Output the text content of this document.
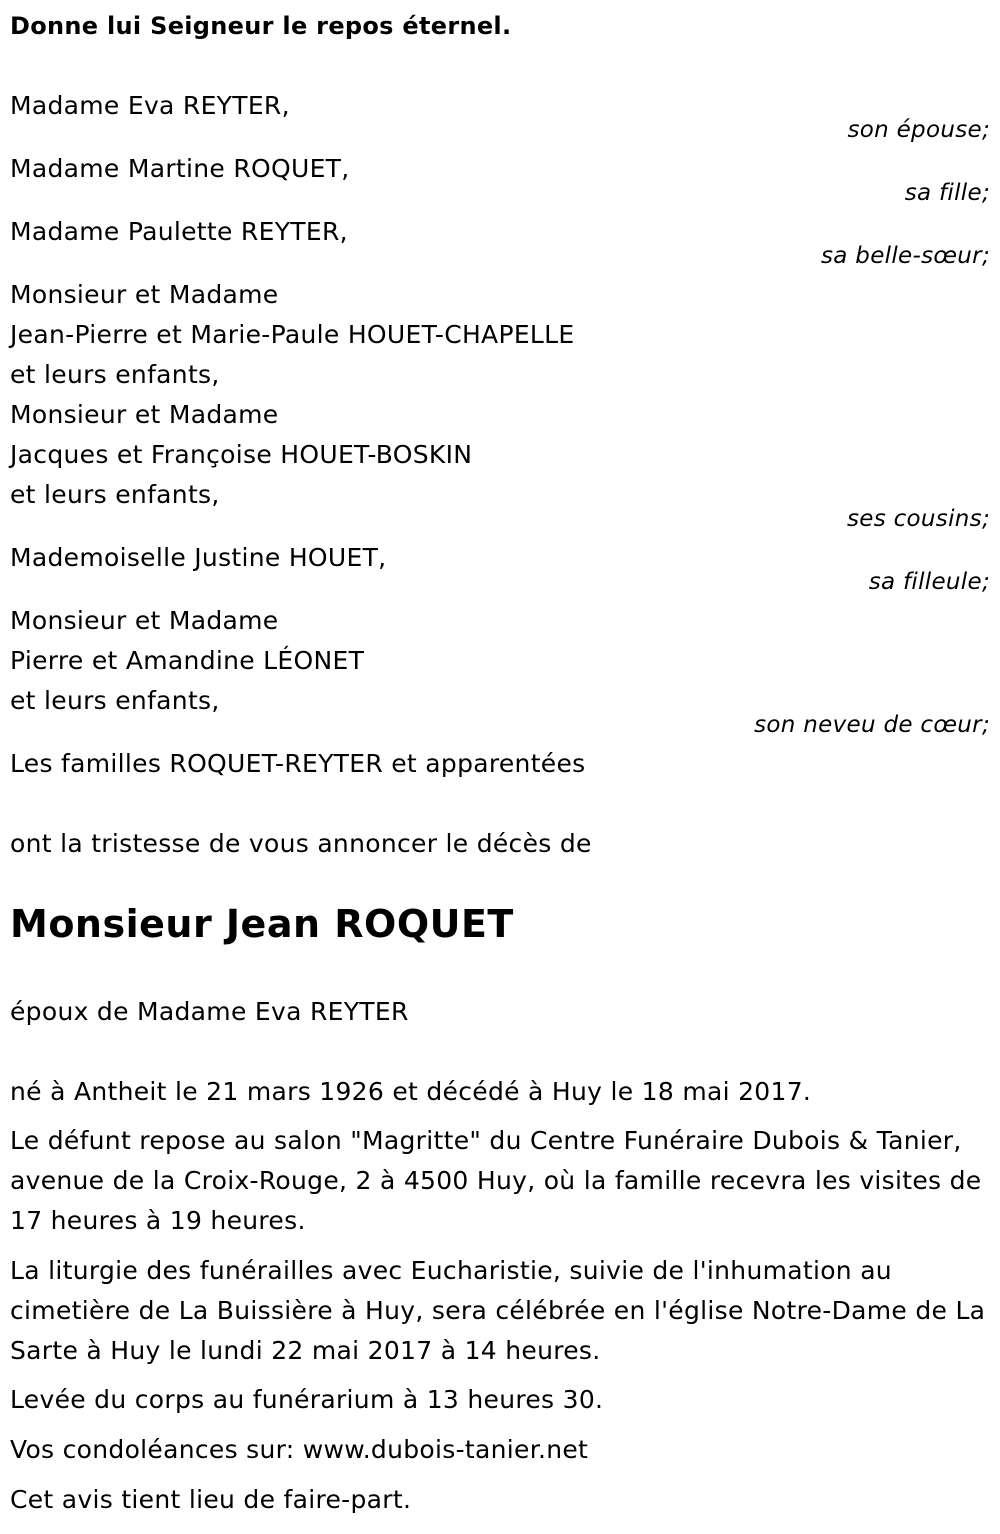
Donne lui Seigneur le repos éternel.
Madame Eva REYTER,
son épouse;
Madame Martine ROQUET,
sa fille;
Madame Paulette REYTER,
sa belle-sœur;
Monsieur et Madame
Jean-Pierre et Marie-Paule HOUET-CHAPELLE
et leurs enfants,
Monsieur et Madame
Jacques et Françoise HOUET-BOSKIN
et leurs enfants,
ses cousins;
Mademoiselle Justine HOUET,
sa filleule;
Monsieur et Madame
Pierre et Amandine LÉONET
et leurs enfants,
son neveu de cœur;
Les familles ROQUET-REYTER et apparentées
ont la tristesse de vous annoncer le décès de
Monsieur Jean ROQUET
époux de Madame Eva REYTER
né à Antheit le 21 mars 1926 et décédé à Huy le 18 mai 2017.
Le défunt repose au salon "Magritte" du Centre Funéraire Dubois & Tanier, avenue de la Croix-Rouge, 2 à 4500 Huy, où la famille recevra les visites de 17 heures à 19 heures.
La liturgie des funérailles avec Eucharistie, suivie de l'inhumation au cimetière de La Buissière à Huy, sera célébrée en l'église Notre-Dame de La Sarte à Huy le lundi 22 mai 2017 à 14 heures.
Levée du corps au funérarium à 13 heures 30.
Vos condoléances sur: www.dubois-tanier.net
Cet avis tient lieu de faire-part.
